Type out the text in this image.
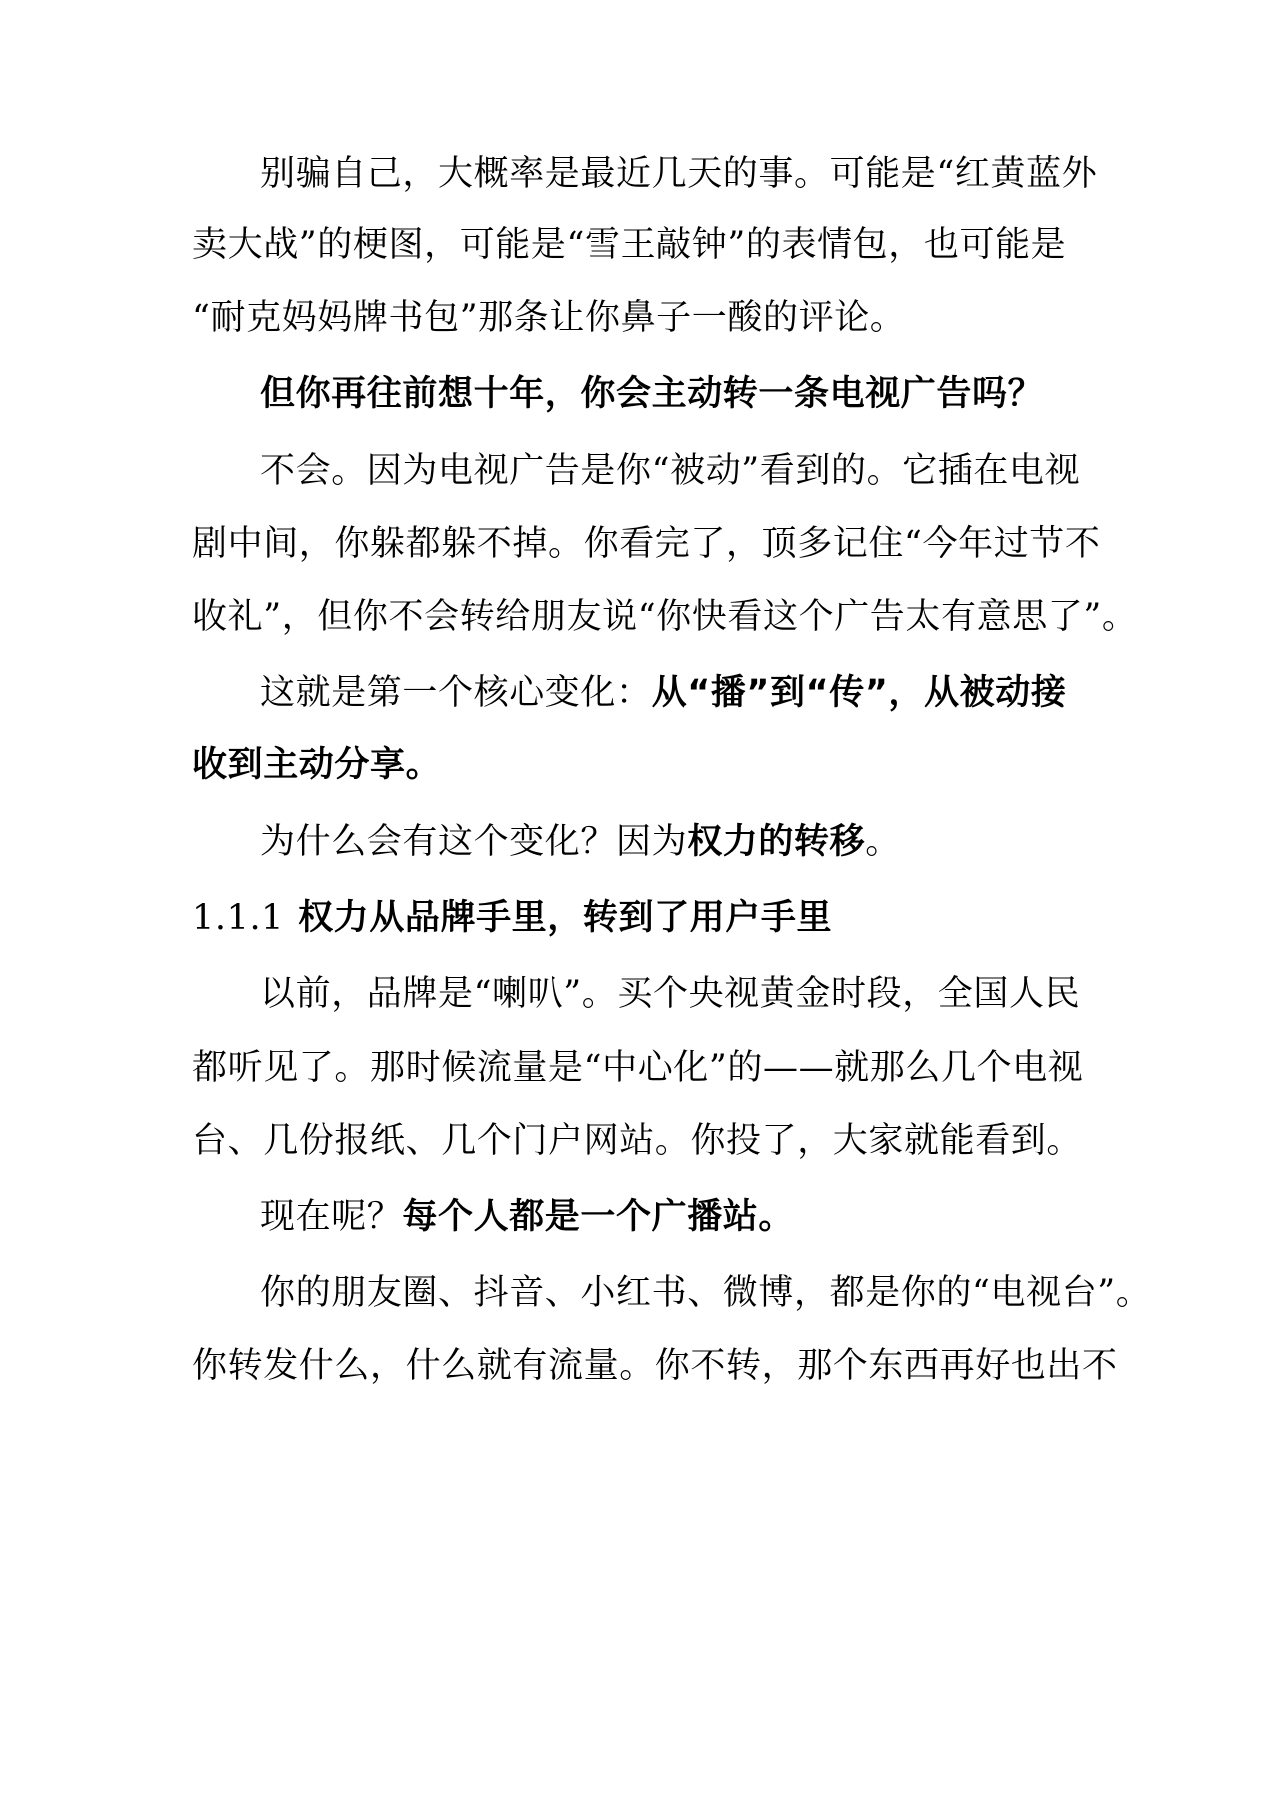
别骗自己，大概率是最近几天的事。可能是“红黄蓝外
卖大战”的梗图，可能是“雪王敲钟”的表情包，也可能是
“耐克妈妈牌书包”那条让你鼻子一酸的评论。
但你再往前想十年，你会主动转一条电视广告吗？
不会。因为电视广告是你“被动”看到的。它插在电视
剧中间，你躲都躲不掉。你看完了，顶多记住“今年过节不
收礼”，但你不会转给朋友说“你快看这个广告太有意思了”。
这就是第一个核心变化：从“播”到“传”，从被动接
收到主动分享。
为什么会有这个变化？因为权力的转移。
1.1.1 权力从品牌手里，转到了用户手里
以前，品牌是“喇叭”。买个央视黄金时段，全国人民
都听见了。那时候流量是“中心化”的——就那么几个电视
台、几份报纸、几个门户网站。你投了，大家就能看到。
现在呢？每个人都是一个广播站。
你的朋友圈、抖音、小红书、微博，都是你的“电视台”。
你转发什么，什么就有流量。你不转，那个东西再好也出不
